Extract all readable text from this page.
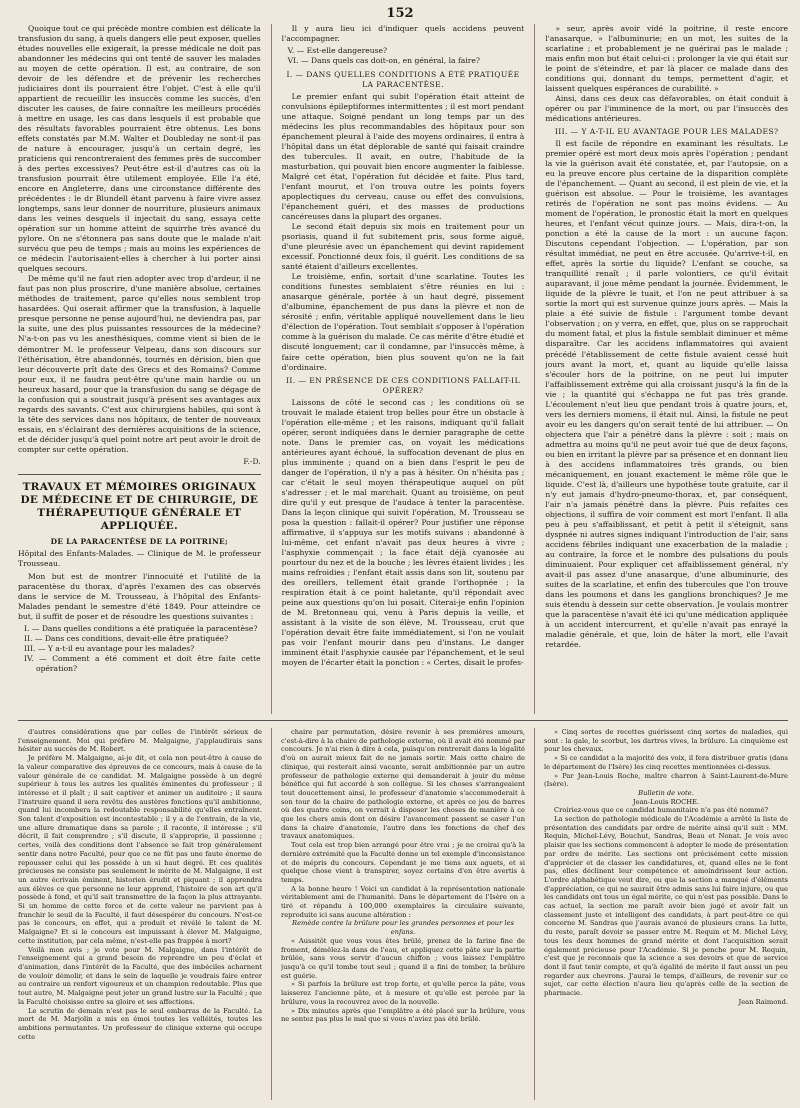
152

Quoique tout ce qui précède montre combien est délicate la transfusion du sang, à quels dangers elle peut exposer, quelles études nouvelles elle exigerait, la presse médicale ne doit pas abandonner les médecins qui ont tenté de sauver les malades au moyen de cette opération. Il est, au contraire, de son devoir de les défendre et de prévenir les recherches judiciaires dont ils pourraient être l'objet. C'est à elle qu'il appartient de recueillir les insuccès comme les succès, d'en discuter les causes, de faire connaître les meilleurs procédés à mettre en usage, les cas dans lesquels il est probable que des résultats favorables pourraient être obtenus. Les bons effets constatés par M.M. Walter et Doubleday ne sont-il pas de nature à encourager, jusqu'à un certain degré, les praticiens qui rencontreraient des femmes près de succomber à des pertes excessives? Peut-être est-il d'autres cas où la transfusion pourrait être utilement employée. Elle l'a été, encore en Angleterre, dans une circonstance différente des précédentes : le dr Blundell étant parvenu à faire vivre assez longtemps, sans leur donner de nourriture, plusieurs animaux dans les veines desquels il injectait du sang, essaya cette opération sur un homme atteint de squirrhe très avancé du pylore. On ne s'étonnera pas sans doute que le malade n'ait survécu que peu de temps ; mais au moins les expériences de ce médecin l'autorisaient-elles à chercher à lui porter ainsi quelques secours.

De même qu'il ne faut rien adopter avec trop d'ardeur, il ne faut pas non plus proscrire, d'une manière absolue, certaines méthodes de traitement, parce qu'elles nous semblent trop hasardées. Qui oserait affirmer que la transfusion, à laquelle presque personne ne pense aujourd'hui, ne deviendra pas, par la suite, une des plus puissantes ressources de la médecine? N'a-t-on pas vu les anesthésiques, comme vient si bien de le démontrer M. le professeur Velpeau, dans son discours sur l'éthérisation, être abandonnés, tournés en dérision, bien que leur découverte prît date des Grecs et des Romains? Comme pour eux, il ne faudra peut-être qu'une main hardie ou un heureux hasard, pour que la transfusion du sang se dégage de la confusion qui a soustrait jusqu'à présent ses avantages aux regards des savants. C'est aux chirurgiens habiles, qui sont à la tête des services dans nos hôpitaux, de tenter de nouveaux essais, en s'éclairant des dernières acquisitions de la science, et de décider jusqu'à quel point notre art peut avoir le droit de compter sur cette opération.

F.-D.

TRAVAUX ET MÉMOIRES ORIGINAUX DE MÉDECINE ET DE CHIRURGIE, DE THÉRAPEUTIQUE GÉNÉRALE ET APPLIQUÉE.
DE LA PARACENTÈSE DE LA POITRINE;

Hôpital des Enfants-Malades. — Clinique de M. le professeur Trousseau.

Mon but est de montrer l'innocuité et l'utilité de la paracentèse du thorax, d'après l'examen des cas observés dans le service de M. Trousseau, à l'hôpital des Enfants-Malades pendant le semestre d'été 1849. Pour atteindre ce but, il suffit de poser et de résoudre les questions suivantes :

I. — Dans quelles conditions a été pratiquée la paracentèse?
II. — Dans ces conditions, devait-elle être pratiquée?
III. — Y a-t-il eu avantage pour les malades?
IV. — Comment a été comment et doit être faite cette opération?

Il y aura lieu ici d'indiquer quels accidens peuvent l'accompagner.

V. — Est-elle dangereuse?
VI. — Dans quels cas doit-on, en général, la faire?
I. — DANS QUELLES CONDITIONS A ÉTÉ PRATIQUÉE LA PARACENTÈSE.

Le premier enfant qui subit l'opération était atteint de convulsions épileptiformes intermittentes ; il est mort pendant une attaque. Soigné pendant un long temps par un des médecins les plus recommandables des hôpitaux pour son épanchement pleural à l'aide des moyens ordinaires, il entra à l'hôpital dans un état déplorable de santé qui faisait craindre des tubercules. Il avait, en outre, l'habitude de la masturbation, qui pouvait bien encore augmenter la faiblesse. Malgré cet état, l'opération fut décidée et faite. Plus tard, l'enfant mourut, et l'on trouva outre les points foyers apoplectiques du cerveau, cause ou effet des convulsions, l'épanchement guéri, et des masses de productions cancéreuses dans la plupart des organes.

Le second était depuis six mois en traitement pour un psoriasis, quand il fut subitement pris, sous forme aiguë, d'une pleurésie avec un épanchement qui devint rapidement excessif. Ponctionné deux fois, il guérit. Les conditions de sa santé étaient d'ailleurs excellentes.

Le troisième, enfin, sortait d'une scarlatine. Toutes les conditions funestes semblaient s'être réunies en lui : anasarque générale, portée à un haut degré, pissement d'albumine, épanchement de pus dans la plèvre et non de sérosité ; enfin, véritable appliqué nouvellement dans le lieu d'élection de l'opération. Tout semblait s'opposer à l'opération comme à la guérison du malade. Ce cas mérite d'être étudié et discuté longuement; car il condamne, par l'insuccès même, à faire cette opération, bien plus souvent qu'on ne la fait d'ordinaire.

II. — EN PRÉSENCE DE CES CONDITIONS FALLAIT-IL OPÉRER?

Laissons de côté le second cas ; les conditions où se trouvait le malade étaient trop belles pour être un obstacle à l'opération elle-même ; et les raisons, indiquant qu'il fallait opérer, seront indiquées dans le dernier paragraphe de cette note. Dans le premier cas, on voyait les médications antérieures ayant échoué, la suffocation devenant de plus en plus imminente ; quand on a bien dans l'esprit le peu de danger de l'opération, il n'y a pas à hésiter. On n'hésita pas ; car c'était le seul moyen thérapeutique auquel on pût s'adresser ; et le mal marchait. Quant au troisième, on peut dire qu'il y eut presque de l'audace à tenter la paracentèse. Dans la leçon clinique qui suivit l'opération, M. Trousseau se posa la question : fallait-il opérer? Pour justifier une réponse affirmative, il s'appuya sur les motifs suivans : abandonné à lui-même, cet enfant n'avait pas deux heures à vivre ; l'asphyxie commençait ; la face était déjà cyanosée au pourtour du nez et de la bouche ; les lèvres étaient livides ; les mains refroidies ; l'enfant était assis dans son lit, soutenu par des oreillers, tellement était grande l'orthopnée ; la respiration était à ce point haletante, qu'il répondait avec peine aux questions qu'on lui posait. Citerai-je enfin l'opinion de M. Bretonneau qui, venu à Paris depuis la veille, et assistant à la visite de son élève, M. Trousseau, crut que l'opération devait être faite immédiatement, si l'on ne voulait pas voir l'enfant mourir dans peu d'instans. Le danger imminent était l'asphyxie causée par l'épanchement, et le seul moyen de l'écarter était la ponction : « Certes, disait le profes-

» seur, après avoir vidé la poitrine, il reste encore l'anasarque, » l'albuminurie; en un mot, les suites de la scarlatine ; et probablement je ne guérirai pas le malade ; mais enfin mon but était celui-ci : prolonger la vie qui était sur le point de s'éteindre, et par là placer ce malade dans des conditions qui, donnant du temps, permettent d'agir, et laissent quelques espérances de curabilité. »

Ainsi, dans ces deux cas défavorables, on était conduit à opérer ou par l'imminence de la mort, ou par l'insuccès des médications antérieures.

III. — Y A-T-IL EU AVANTAGE POUR LES MALADES?

Il est facile de répondre en examinant les résultats. Le premier opéré est mort deux mois après l'opération ; pendant la vie la guérison avait été constatée, et, par l'autopsie, on a eu la preuve encore plus certaine de la disparition complète de l'épanchement. — Quant au second, il est plein de vie, et la guérison est absolue. — Pour le troisième, les avantages retirés de l'opération ne sont pas moins évidens. — Au moment de l'opération, le pronostic était la mort en quelques heures, et l'enfant vécut quinze jours. — Mais, dira-t-on, la ponction a été la cause de la mort : un aucune façon. Discutons cependant l'objection. — L'opération, par son résultat immédiat, ne peut en être accusée. Qu'arrive-t-il, en effet, après la sortie du liquide? L'enfant se couche, sa tranquillité renaît ; il parle volontiers, ce qu'il évitait auparavant, il joue même pendant la journée. Évidemment, le liquide de la plèvre le tuait, et l'on ne peut attribuer à sa sortie la mort qui est survenue quinze jours après. — Mais la plaie a été suivie de fistule : l'argument tombe devant l'observation ; on y verra, en effet, que, plus on se rapprochait du moment fatal, et plus la fistule semblait diminuer et même disparaître. Car les accidens inflammatoires qui avaient précédé l'établissement de cette fistule avaient cessé huit jours avant la mort, et, quant au liquide qu'elle laissa s'écouler hors de la poitrine, on ne peut lui imputer l'affaiblissement extrême qui alla croissant jusqu'à la fin de la vie ; la quantité qui s'échappa ne fut pas très grande. L'écoulement n'eut lieu que pendant trois à quatre jours, et, vers les derniers momens, il était nul. Ainsi, la fistule ne peut avoir eu les dangers qu'on serait tenté de lui attribuer. — On objectera que l'air a pénétré dans la plèvre : soit ; mais on admettra au moins qu'il ne peut avoir tué que de deux façons, ou bien en irritant la plèvre par sa présence et en donnant lieu à des accidens inflammatoires très grands, ou bien mécaniquement, en jouant exactement le même rôle que le liquide. C'est là, d'ailleurs une hypothèse toute gratuite, car il n'y eut jamais d'hydro-pneumo-thorax, et, par conséquent, l'air n'a jamais pénétré dans la plèvre. Puis refaites ces objections, il suffira de voir comment est mort l'enfant. Il alla peu à peu s'affaiblissant, et petit à petit il s'éteignit, sans dyspnée ni autres signes indiquant l'introduction de l'air, sans accidens fébriles indiquant une exacerbation de la maladie ; au contraire, la force et le nombre des pulsations du pouls diminuaient. Pour expliquer cet affaiblissement général, n'y avait-il pas assez d'une anasarque, d'une albuminurie, des suites de la scarlatine, et enfin des tubercules que l'on trouve dans les poumons et dans les ganglions bronchiques? Je me suis étendu à dessein sur cette observation. Je voulais montrer que la paracentèse n'avait été ici qu'une médication appliquée à un accident intercurrent, et qu'elle n'avait pas enrayé la maladie générale, et que, loin de hâter la mort, elle l'avait retardée.

d'autres considérations que par celles de l'intérêt sérieux de l'enseignement. Moi qui préfère M. Malgaigne, j'applaudirais sans hésiter au succès de M. Robert.

Je préfère M. Malgaigne, ai-je dit, et cela non peut-être à cause de la valeur comparative des épreuves de ce concours, mais à cause de la valeur générale de ce candidat. M. Malgaigne possède à un degré supérieur à tous les autres les qualités éminentes du professeur ; il intéresse et il plaît ; il sait captiver et animer un auditoire ; il saura l'instruire quand il sera revêtu des austères fonctions qu'il ambitionne, quand lui incombera la redoutable responsabilité qu'elles entraînent. Son talent d'exposition est incontestable ; il y a de l'entrain, de la vie, une allure dramatique dans sa parole ; il raconte, il intéresse ; s'il décrit, il fait comprendre ; s'il discute, il s'approprie, il passionne ; certes, voilà des conditions dont l'absence se fait trop généralement sentir dans notre Faculté, pour que ce ne fût pas une faute énorme de repousser celui qui les possède à un si haut degré. Et ces qualités précieuses ne consiste pas seulement le mérite de M. Malgaigne, il est un autre écrivain éminent, historien érudit et piquant ; il apprendra aux élèves ce que personne ne leur apprend, l'histoire de son art qu'il possède à fond, et qu'il sait transmettre de la façon la plus attrayante. Si un homme de cette force et de cette valeur ne parvient pas à franchir le seuil de la Faculté, il faut désespérer du concours. N'est-ce pas le concours, en effet, qui a produit et révélé le talent de M. Malgaigne? Et si le concours est impuissant à élever M. Malgaigne, cette institution, par cela même, n'est-elle pas frappée à mort?

Voilà mon avis ; je vote pour M. Malgaigne, dans l'intérêt de l'enseignement qui a grand besoin de reprendre un peu d'éclat et d'animation, dans l'intérêt de la Faculté, que des imbéciles acharnent de vouloir démolir, et dans le sein de laquelle je voudrais faire entrer au contraire un renfort vigoureux et un champion redoutable. Plus que tout autre, M. Malgaigne peut jeter un grand lustre sur la Faculté ; que la Faculté choisisse entre sa gloire et ses affections.

Le scrutin de demain n'est pas le seul embarras de la Faculté. La mort de M. Marjolin a mis en émoi toutes les velléités, toutes les ambitions permutantes. Un professeur de clinique externe qui occupe cette

chaire par permutation, désire revenir à ses premières amours, c'est-à-dire à la chaire de pathologie externe, où il avait été nommé par concours. Je n'ai rien à dire à cela, puisqu'on rentrerait dans la légalité d'où on aurait mieux fait de ne jamais sortir. Mais cette chaire de clinique, qui resterait ainsi vacante, serait ambitionnée par un autre professeur de pathologie externe qui demanderait à jouir du même bénéfice qui fut accordé à son collègue. Si les choses s'arrangeaient tout doucettement ainsi, le professeur d'anatomie s'accommoderait à son tour de la chaire de pathologie externe, et après ce jeu de barres où des quatre coins, on verrait à disposer les choses de manière à ce que les chers amis dont on désire l'avancement passent se caser l'un dans la chaire d'anatomie, l'autre dans les fonctions de chef des travaux anatomiques.

Tout cela est trop bien arrangé pour être vrai ; je ne croirai qu'à la dernière extrémité que la Faculté donne un tel exemple d'inconsistance et de mépris du concours. Cependant je me tiens aux aguets, et si quelque chose vient à transpirer, soyez certains d'en être avertis à temps.

A la bonne heure ! Voici un candidat à la représentation nationale véritablement ami de l'humanité. Dans le département de l'Isère on a tiré et répandu à 100,000 exemplaires la circulaire suivante, reproduite ici sans aucune altération :

Remède contre la brûlure pour les grandes personnes et pour les enfans.

« Aussitôt que vous vous êtes brûlé, prenez de la farine fine de froment, démêlez-la dans de l'eau, et appliquez cette pâte sur la partie brûlée, sans vous servir d'aucun chiffon ; vous laissez l'emplâtre jusqu'à ce qu'il tombe tout seul ; quand il a fini de tomber, la brûlure est guérie.

» Si parfois la brûlure est trop forte, et qu'elle perce la pâte, vous laisserez l'ancienne pâte, et à mesure et qu'elle est percée par la brûlure, vous la recouvrez avec de la nouvelle.

» Dix minutes après que l'emplâtre a été placé sur la brûlure, vous ne sentez pas plus le mal que si vous n'aviez pas été brûlé.

» Cinq sortes de recettes guérissent cinq sortes de maladies, qui sont : la gale, le scorbut, les dartres vives, la brûlure. La cinquième est pour les chevaux.

» Si ce candidat a la majorité des voix, il fera distribuer gratis (dans le département de l'Isère) les cinq recettes mentionnées ci-dessus.

» Par Jean-Louis Roche, maître charron à Saint-Laurent-de-Mure (Isère).

Bulletin de vote.

Jean-Louis ROCHE.

Croiriez-vous que ce candidat humanitaire n'a pas été nommé?

La section de pathologie médicale de l'Académie a arrêté la liste de présentation des candidats par ordre de mérite ainsi qu'il suit : MM. Requin, Michel-Lévy, Bouchut, Sandras, Beau et Nonat. Je vois avec plaisir que les sections commencent à adopter le mode de présentation par ordre de mérite. Les sections ont précisément cette mission d'apprécier et de classer les candidatures, et, quand elles ne le font pas, elles déclinent leur compétence et amoindrissent leur action. L'ordre alphabétique veut dire, ou que la section a manqué d'éléments d'appréciation, ce qui ne saurait être admis sans lui faire injure, ou que les candidats ont tous un égal mérite, ce qui n'est pas possible. Dans le cas actuel, la section me paraît avoir bien jugé et avoir fait un classement juste et intelligent des candidats, à part peut-être ce qui concerne M. Sandras que j'aurais avancé de plusieurs crans. La lutte, du reste, paraît devoir se passer entre M. Requin et M. Michel Lévy, tous les deux hommes de grand mérite et dont l'acquisition serait également précieuse pour l'Académie. Si je penche pour M. Requin, c'est que je reconnais que la science a ses devoirs et que de service dont il faut tenir compte, et qu'à égalité de mérite il faut aussi un peu regarder aux chevrons. J'aurai le temps, d'ailleurs, de revenir sur ce sujet, car cette élection n'aura lieu qu'après celle de la section de pharmacie.

Jean Raimond.
